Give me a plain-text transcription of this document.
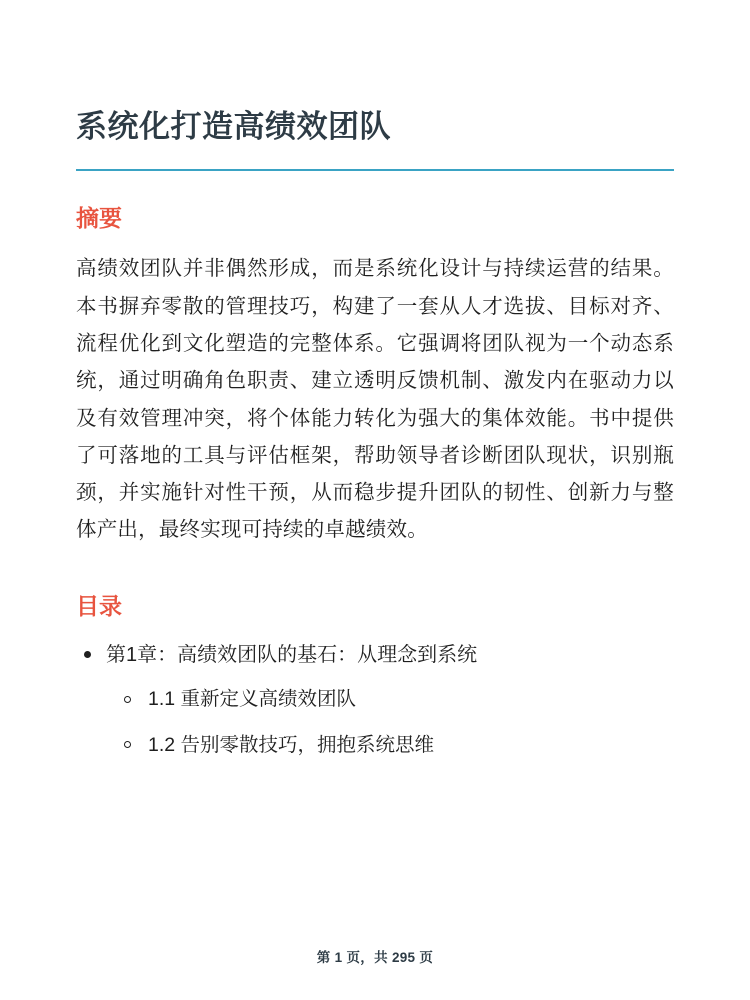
系统化打造高绩效团队
摘要

高绩效团队并非偶然形成，而是系统化设计与持续运营的结果。本书摒弃零散的管理技巧，构建了一套从人才选拔、目标对齐、流程优化到文化塑造的完整体系。它强调将团队视为一个动态系统，通过明确角色职责、建立透明反馈机制、激发内在驱动力以及有效管理冲突，将个体能力转化为强大的集体效能。书中提供了可落地的工具与评估框架，帮助领导者诊断团队现状，识别瓶颈，并实施针对性干预，从而稳步提升团队的韧性、创新力与整体产出，最终实现可持续的卓越绩效。

目录
第1章：高绩效团队的基石：从理念到系统
1.1 重新定义高绩效团队
1.2 告别零散技巧，拥抱系统思维
第 1 页，共 295 页
